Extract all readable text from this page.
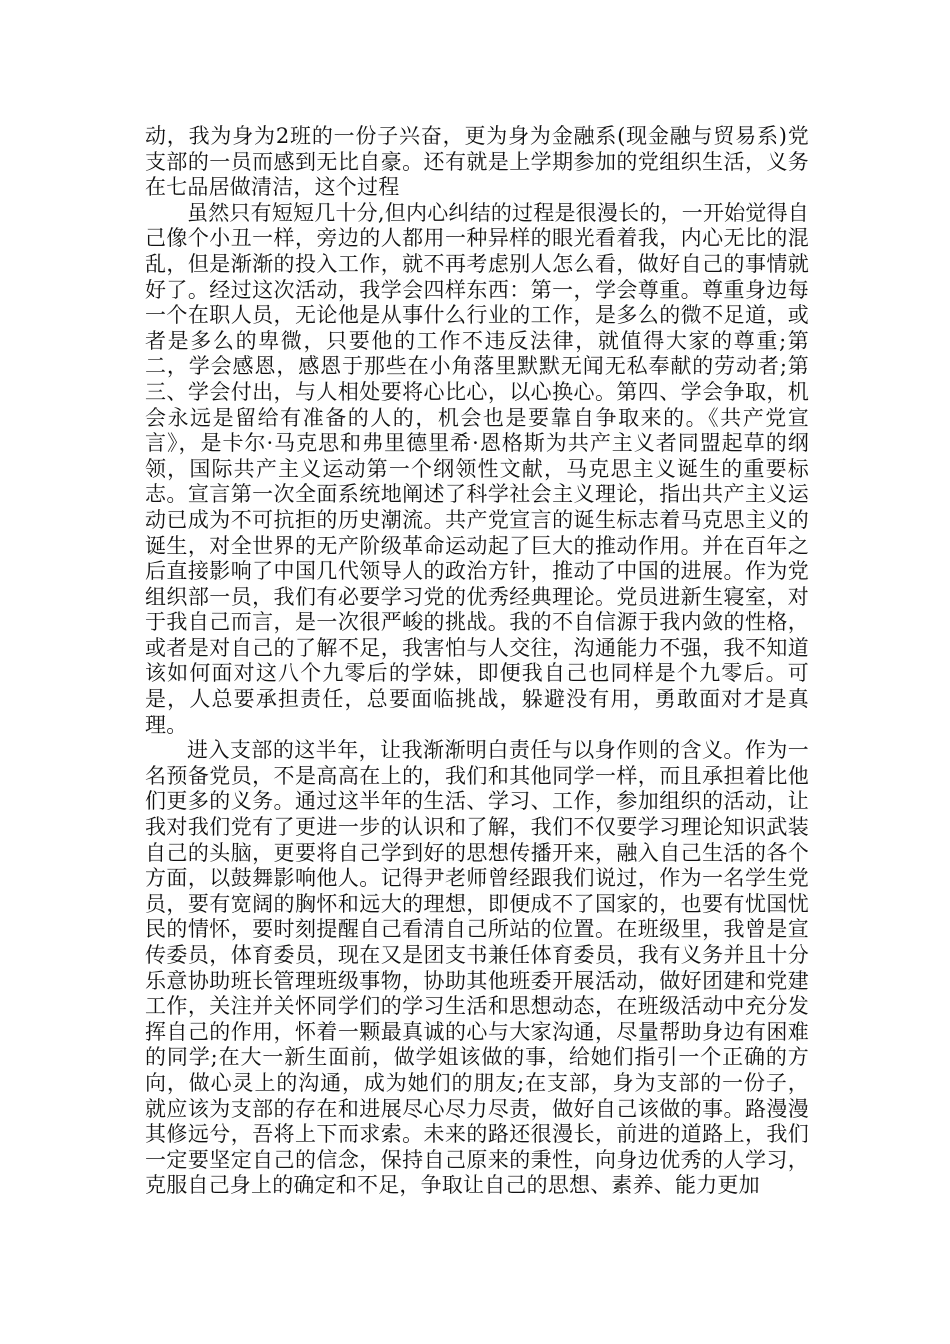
动，我为身为2班的一份子兴奋，更为身为金融系(现金融与贸易系)党支部的一员而感到无比自豪。还有就是上学期参加的党组织生活，义务在七品居做清洁，这个过程

虽然只有短短几十分,但内心纠结的过程是很漫长的，一开始觉得自己像个小丑一样，旁边的人都用一种异样的眼光看着我，内心无比的混乱，但是渐渐的投入工作，就不再考虑别人怎么看，做好自己的事情就好了。经过这次活动，我学会四样东西：第一，学会尊重。尊重身边每一个在职人员，无论他是从事什么行业的工作，是多么的微不足道，或者是多么的卑微，只要他的工作不违反法律，就值得大家的尊重;第二，学会感恩，感恩于那些在小角落里默默无闻无私奉献的劳动者;第三、学会付出，与人相处要将心比心，以心换心。第四、学会争取，机会永远是留给有准备的人的，机会也是要靠自争取来的。《共产党宣言》，是卡尔·马克思和弗里德里希·恩格斯为共产主义者同盟起草的纲领，国际共产主义运动第一个纲领性文献，马克思主义诞生的重要标志。宣言第一次全面系统地阐述了科学社会主义理论，指出共产主义运动已成为不可抗拒的历史潮流。共产党宣言的诞生标志着马克思主义的诞生，对全世界的无产阶级革命运动起了巨大的推动作用。并在百年之后直接影响了中国几代领导人的政治方针，推动了中国的进展。作为党组织部一员，我们有必要学习党的优秀经典理论。党员进新生寝室，对于我自己而言，是一次很严峻的挑战。我的不自信源于我内敛的性格，或者是对自己的了解不足，我害怕与人交往，沟通能力不强，我不知道该如何面对这八个九零后的学妹，即便我自己也同样是个九零后。可是，人总要承担责任，总要面临挑战，躲避没有用，勇敢面对才是真理。

进入支部的这半年，让我渐渐明白责任与以身作则的含义。作为一名预备党员，不是高高在上的，我们和其他同学一样，而且承担着比他们更多的义务。通过这半年的生活、学习、工作，参加组织的活动，让我对我们党有了更进一步的认识和了解，我们不仅要学习理论知识武装自己的头脑，更要将自己学到好的思想传播开来，融入自己生活的各个方面，以鼓舞影响他人。记得尹老师曾经跟我们说过，作为一名学生党员，要有宽阔的胸怀和远大的理想，即便成不了国家的，也要有忧国忧民的情怀，要时刻提醒自己看清自己所站的位置。在班级里，我曾是宣传委员，体育委员，现在又是团支书兼任体育委员，我有义务并且十分乐意协助班长管理班级事物，协助其他班委开展活动，做好团建和党建工作，关注并关怀同学们的学习生活和思想动态，在班级活动中充分发挥自己的作用，怀着一颗最真诚的心与大家沟通，尽量帮助身边有困难的同学;在大一新生面前，做学姐该做的事，给她们指引一个正确的方向，做心灵上的沟通，成为她们的朋友;在支部，身为支部的一份子，就应该为支部的存在和进展尽心尽力尽责，做好自己该做的事。路漫漫其修远兮，吾将上下而求索。未来的路还很漫长，前进的道路上，我们一定要坚定自己的信念，保持自己原来的秉性，向身边优秀的人学习，克服自己身上的确定和不足，争取让自己的思想、素养、能力更加
